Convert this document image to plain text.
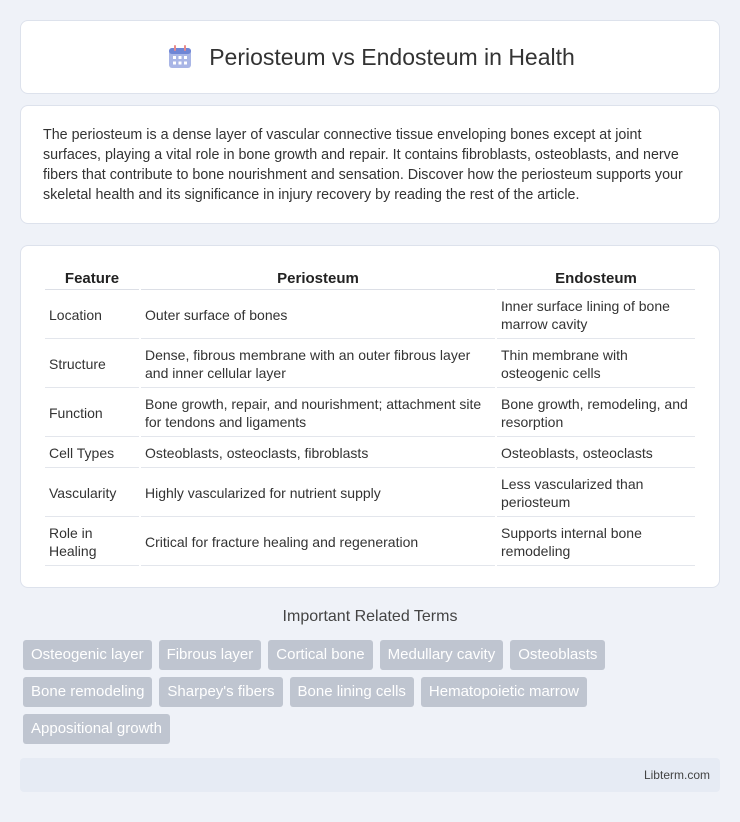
Periosteum vs Endosteum in Health

The periosteum is a dense layer of vascular connective tissue enveloping bones except at joint surfaces, playing a vital role in bone growth and repair. It contains fibroblasts, osteoblasts, and nerve fibers that contribute to bone nourishment and sensation. Discover how the periosteum supports your skeletal health and its significance in injury recovery by reading the rest of the article.

Feature	Periosteum	Endosteum
Location	Outer surface of bones	Inner surface lining of bone marrow cavity
Structure	Dense, fibrous membrane with an outer fibrous layer and inner cellular layer	Thin membrane with osteogenic cells
Function	Bone growth, repair, and nourishment; attachment site for tendons and ligaments	Bone growth, remodeling, and resorption
Cell Types	Osteoblasts, osteoclasts, fibroblasts	Osteoblasts, osteoclasts
Vascularity	Highly vascularized for nutrient supply	Less vascularized than periosteum
Role in Healing	Critical for fracture healing and regeneration	Supports internal bone remodeling
Important Related Terms
Osteogenic layer	Fibrous layer	Cortical bone	Medullary cavity	Osteoblasts
Bone remodeling	Sharpey's fibers	Bone lining cells	Hematopoietic marrow
Appositional growth
Libterm.com
